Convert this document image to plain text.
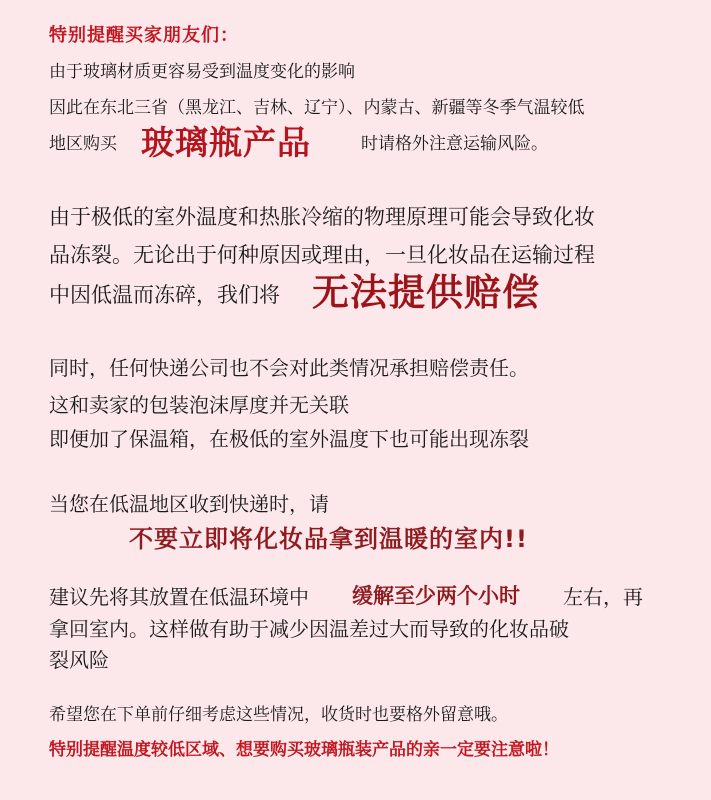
特别提醒买家朋友们：
由于玻璃材质更容易受到温度变化的影响
因此在东北三省（黑龙江、吉林、辽宁）、内蒙古、新疆等冬季气温较低
地区购买 玻璃瓶产品	时请格外注意运输风险。
由于极低的室外温度和热胀冷缩的物理原理可能会导致化妆
品冻裂。无论出于何种原因或理由，一旦化妆品在运输过程
中因低温而冻碎，我们将 无法提供赔偿
同时，任何快递公司也不会对此类情况承担赔偿责任。
这和卖家的包装泡沫厚度并无关联
即便加了保温箱，在极低的室外温度下也可能出现冻裂
当您在低温地区收到快递时，请
不要立即将化妆品拿到温暖的室内!!
建议先将其放置在低温环境中 缓解至少两个小时 左右，再
拿回室内。这样做有助于减少因温差过大而导致的化妆品破
裂风险
希望您在下单前仔细考虑这些情况，收货时也要格外留意哦。
特别提醒温度较低区域、想要购买玻璃瓶装产品的亲一定要注意啦！
